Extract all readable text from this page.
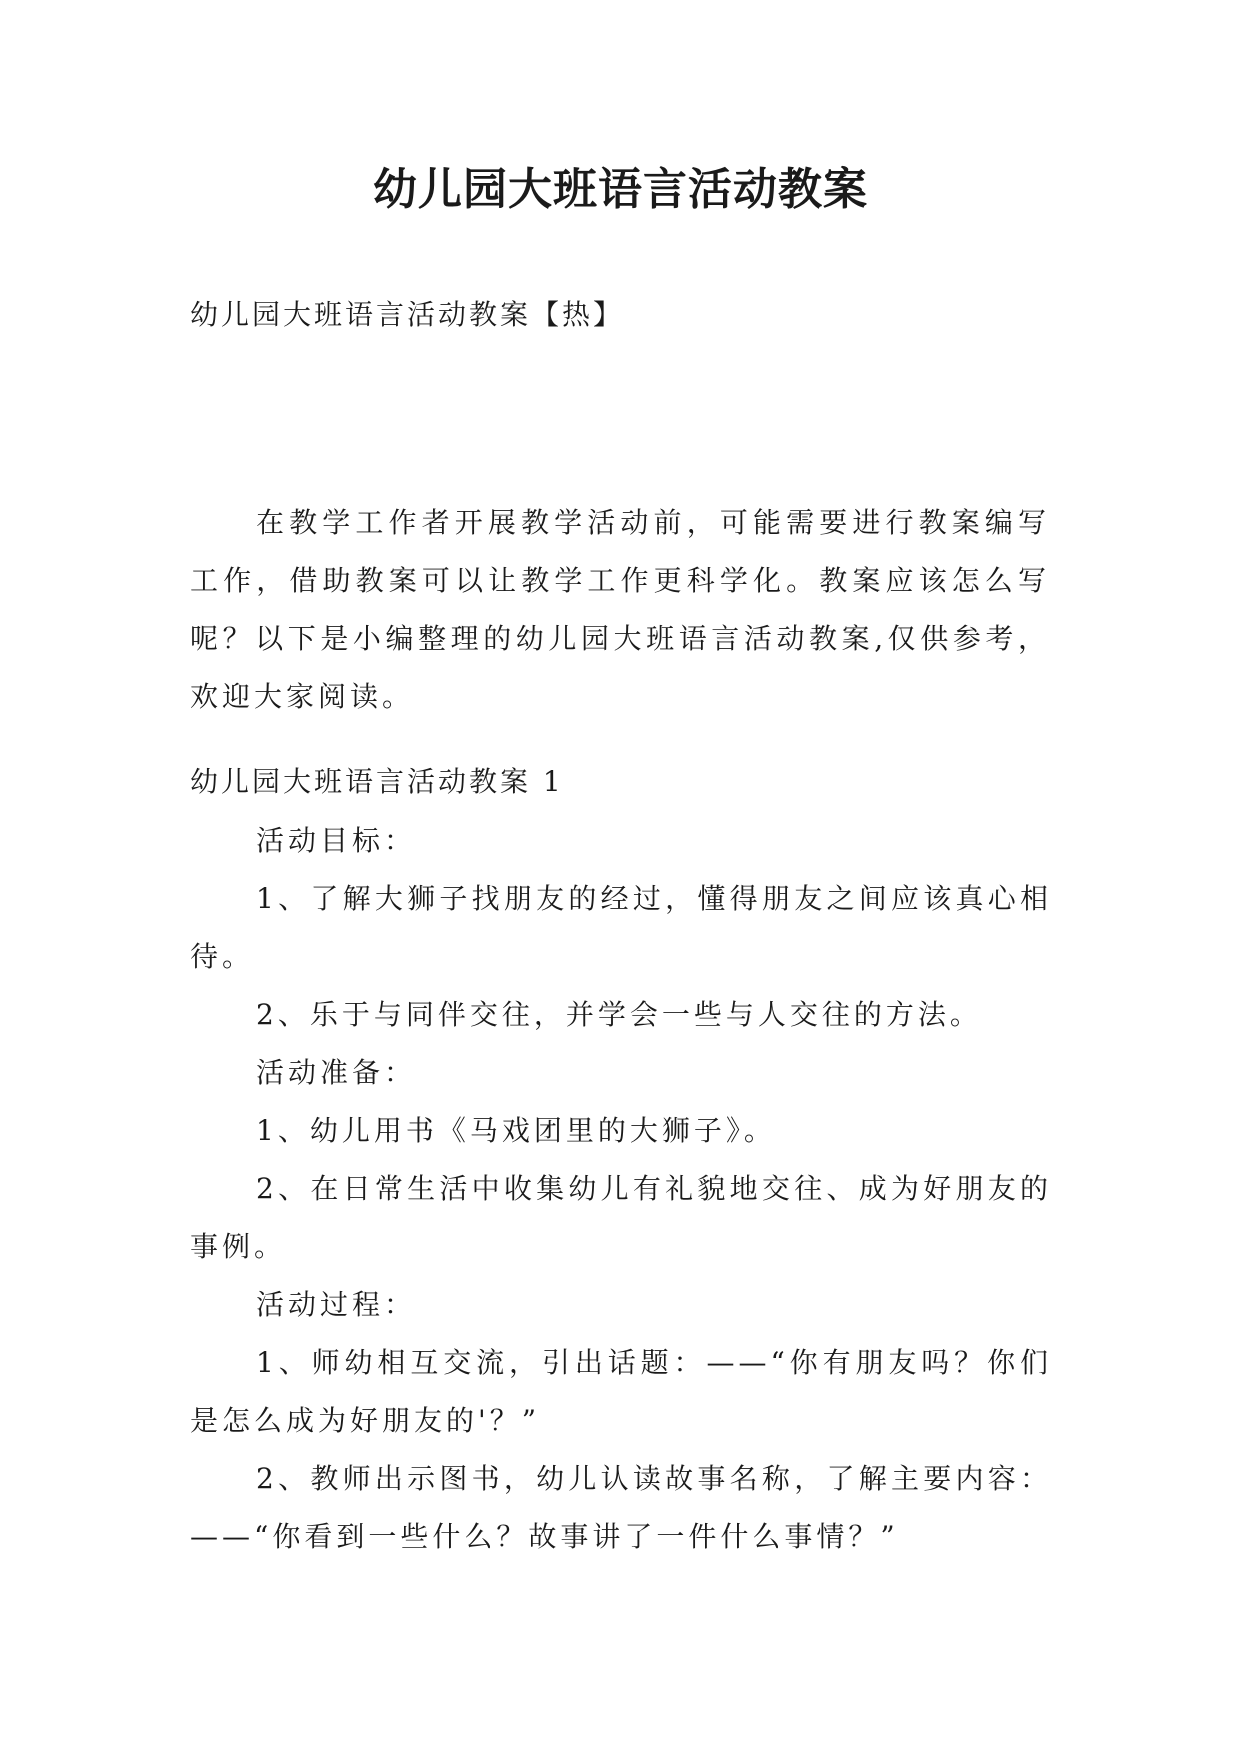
幼儿园大班语言活动教案
幼儿园大班语言活动教案【热】

在教学工作者开展教学活动前，可能需要进行教案编写工作，借助教案可以让教学工作更科学化。教案应该怎么写呢？以下是小编整理的幼儿园大班语言活动教案,仅供参考，欢迎大家阅读。

幼儿园大班语言活动教案 1

活动目标：

1、了解大狮子找朋友的经过，懂得朋友之间应该真心相待。

2、乐于与同伴交往，并学会一些与人交往的方法。

活动准备：

1、幼儿用书《马戏团里的大狮子》。

2、在日常生活中收集幼儿有礼貌地交往、成为好朋友的事例。

活动过程：

1、师幼相互交流，引出话题：——“你有朋友吗？你们是怎么成为好朋友的'？”

2、教师出示图书，幼儿认读故事名称，了解主要内容：——“你看到一些什么？故事讲了一件什么事情？”
